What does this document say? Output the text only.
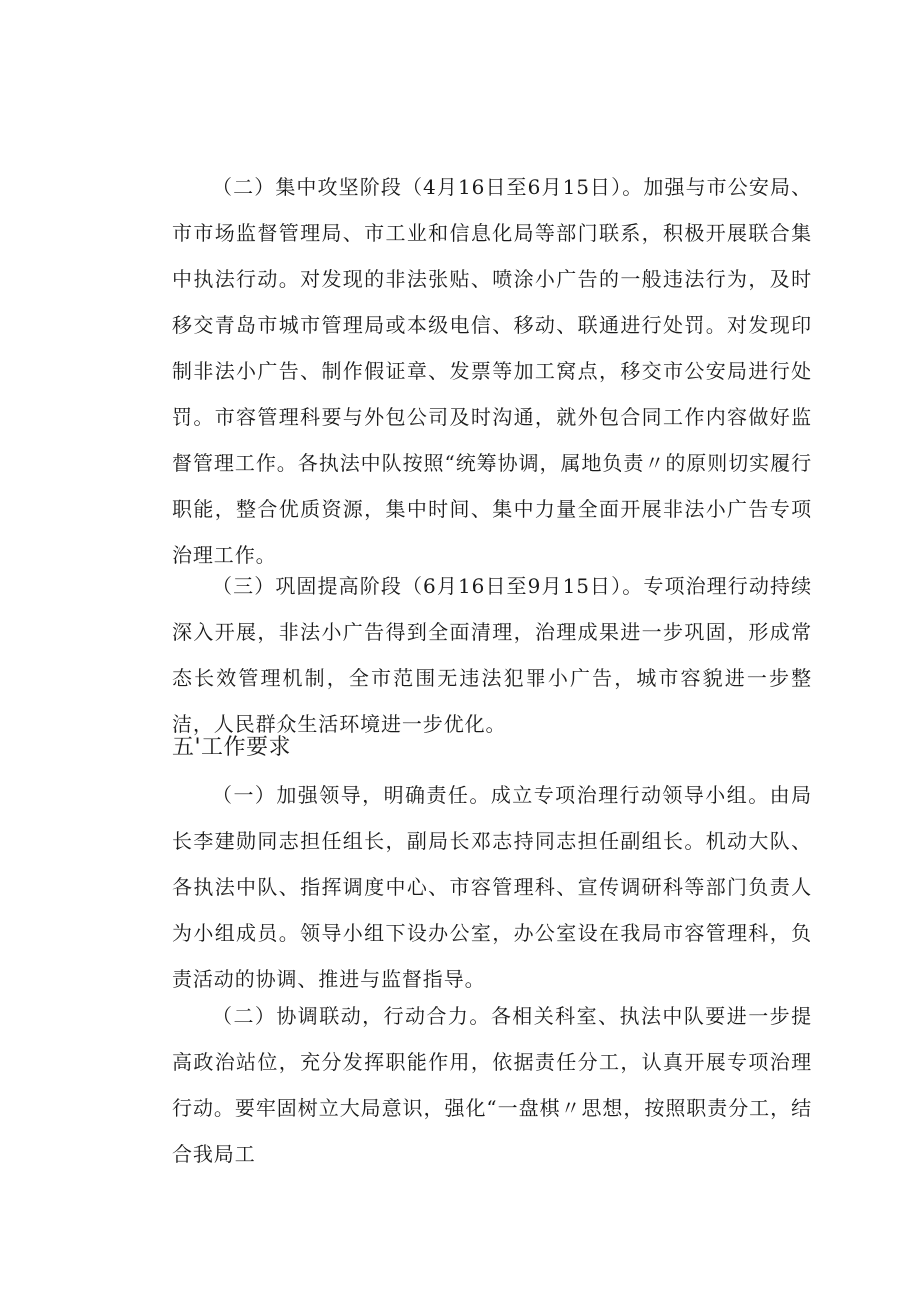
（二）集中攻坚阶段（4月16日至6月15日）。加强与市公安局、市市场监督管理局、市工业和信息化局等部门联系，积极开展联合集中执法行动。对发现的非法张贴、喷涂小广告的一般违法行为，及时移交青岛市城市管理局或本级电信、移动、联通进行处罚。对发现印制非法小广告、制作假证章、发票等加工窝点，移交市公安局进行处罚。市容管理科要与外包公司及时沟通，就外包合同工作内容做好监督管理工作。各执法中队按照“统筹协调，属地负责〃的原则切实履行职能，整合优质资源，集中时间、集中力量全面开展非法小广告专项治理工作。

（三）巩固提高阶段（6月16日至9月15日）。专项治理行动持续深入开展，非法小广告得到全面清理，治理成果进一步巩固，形成常态长效管理机制，全市范围无违法犯罪小广告，城市容貌进一步整洁，人民群众生活环境进一步优化。

五'工作要求

（一）加强领导，明确责任。成立专项治理行动领导小组。由局长李建勋同志担任组长，副局长邓志持同志担任副组长。机动大队、各执法中队、指挥调度中心、市容管理科、宣传调研科等部门负责人为小组成员。领导小组下设办公室，办公室设在我局市容管理科，负责活动的协调、推进与监督指导。

（二）协调联动，行动合力。各相关科室、执法中队要进一步提高政治站位，充分发挥职能作用，依据责任分工，认真开展专项治理行动。要牢固树立大局意识，强化“一盘棋〃思想，按照职责分工，结合我局工
